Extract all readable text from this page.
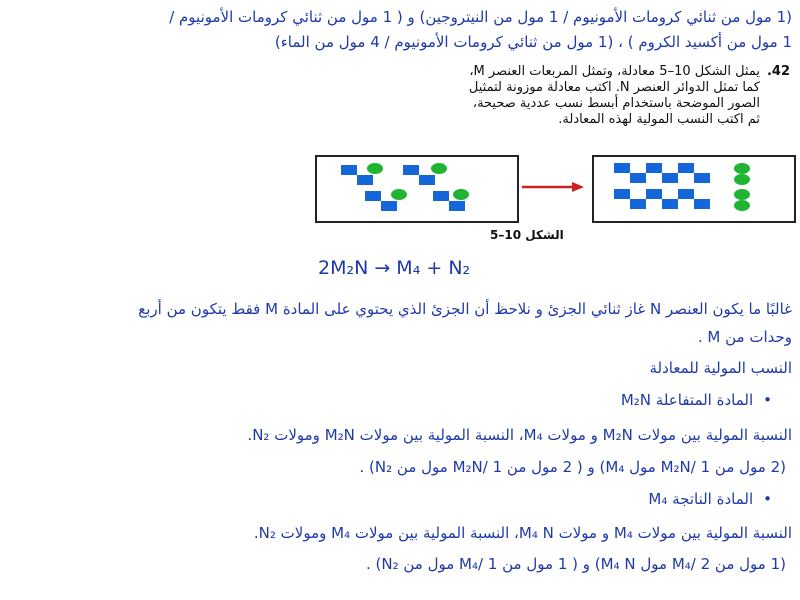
(1 مول من ثنائي كرومات الأمونيوم / 1 مول من النيتروجين) و ( 1 مول من ثنائي كرومات الأمونيوم /
1 مول من أكسيد الكروم ) ، (1 مول من ثنائي كرومات الأمونيوم / 4 مول من الماء)
42.

يمثل الشكل 10–5 معادلة، وتمثل المربعات العنصر M،

كما تمثل الدوائر العنصر N. اكتب معادلة موزونة لتمثيل

الصور الموضحة باستخدام أبسط نسب عددية صحيحة،

ثم اكتب النسب المولية لهذه المعادلة.

الشكل 10–5
2M₂N → M₄ + N₂
غالبًا ما يكون العنصر N غاز ثنائي الجزئ و نلاحظ أن الجزئ الذي يحتوي على المادة M فقط يتكون من أربع
وحدات من M .
النسب المولية للمعادلة
• المادة المتفاعلة M₂N
النسبة المولية بين مولات M₂N و مولات M₄، النسبة المولية بين مولات M₂N ومولات N₂.
(2 مول من M₂N/ 1 مول M₄) و ( 2 مول من M₂N/ 1 مول من N₂) .
• المادة الناتجة M₄
النسبة المولية بين مولات M₄ و مولات M₄ N، النسبة المولية بين مولات M₄ ومولات N₂.
(1 مول من M₄/ 2 مول M₄ N) و ( 1 مول من M₄/ 1 مول من N₂) .
